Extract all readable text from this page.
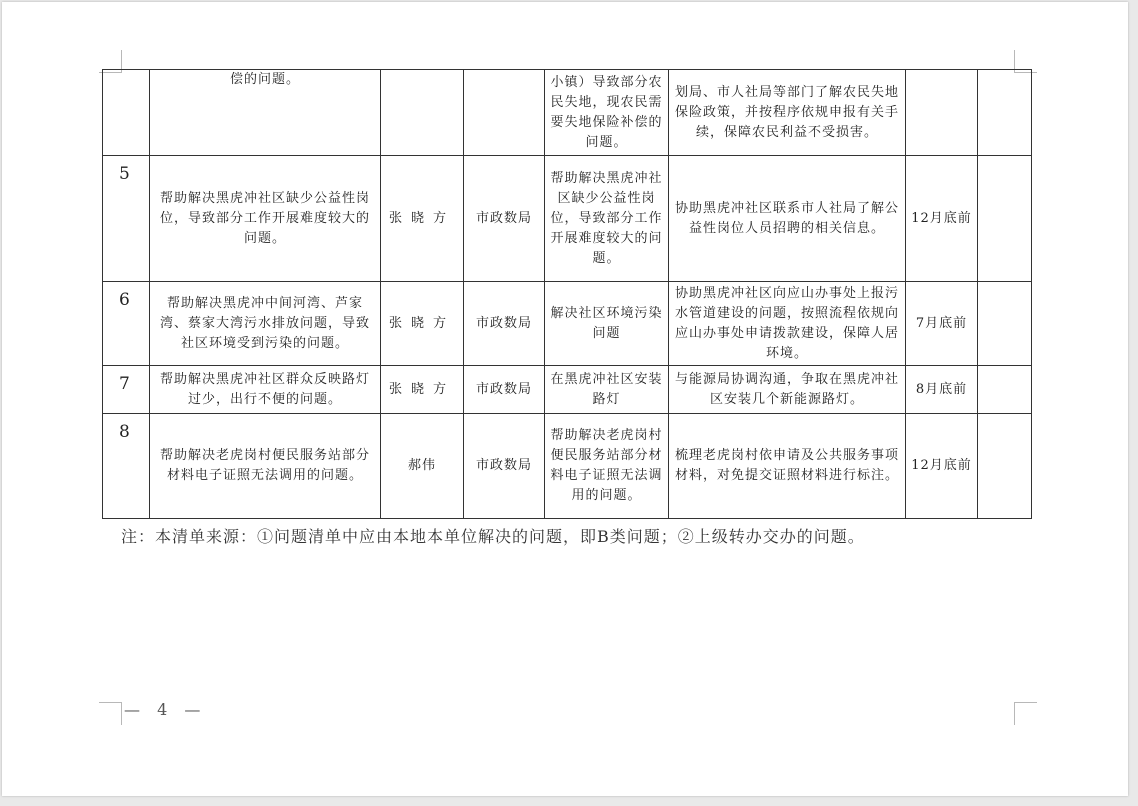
	偿的问题。			小镇）导致部分农民失地，现农民需要失地保险补偿的问题。	划局、市人社局等部门了解农民失地保险政策，并按程序依规申报有关手续，保障农民利益不受损害。		
5	帮助解决黑虎冲社区缺少公益性岗位，导致部分工作开展难度较大的问题。	张晓方	市政数局	帮助解决黑虎冲社区缺少公益性岗位，导致部分工作开展难度较大的问题。	协助黑虎冲社区联系市人社局了解公益性岗位人员招聘的相关信息。	12月底前	
6	帮助解决黑虎冲中间河湾、芦家湾、蔡家大湾污水排放问题，导致社区环境受到污染的问题。	张晓方	市政数局	解决社区环境污染问题	协助黑虎冲社区向应山办事处上报污水管道建设的问题，按照流程依规向应山办事处申请拨款建设，保障人居环境。	7月底前	
7	帮助解决黑虎冲社区群众反映路灯过少，出行不便的问题。	张晓方	市政数局	在黑虎冲社区安装路灯	与能源局协调沟通，争取在黑虎冲社区安装几个新能源路灯。	8月底前	
8	帮助解决老虎岗村便民服务站部分材料电子证照无法调用的问题。	郝伟	市政数局	帮助解决老虎岗村便民服务站部分材料电子证照无法调用的问题。	梳理老虎岗村依申请及公共服务事项材料，对免提交证照材料进行标注。	12月底前	
注：本清单来源：①问题清单中应由本地本单位解决的问题，即B类问题；②上级转办交办的问题。
— 4 —
